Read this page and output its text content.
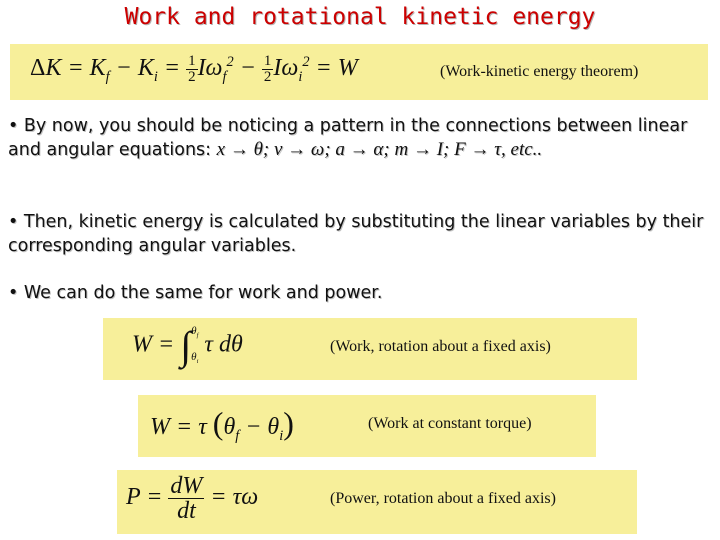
Work and rotational kinetic energy
$\Delta K = K_f - K_i = \frac{1}{2} I\omega_f^2 - \frac{1}{2} I\omega_i^2 = W$	(Work-kinetic energy theorem)
• By now, you should be noticing a pattern in the connections between linear and angular equations: x → θ; v → ω; a → α; m → I; F → τ, etc..
• Then, kinetic energy is calculated by substituting the linear variables by their corresponding angular variables.
• We can do the same for work and power.
W = ∫ $\theta_f$
$\theta_i$
τ dθ	(Work, rotation about a fixed axis)
W = τ $(\theta_f - \theta_i)$	(Work at constant torque)
$P = \frac{dW}{dt} = \tau\omega$	(Power, rotation about a fixed axis)
